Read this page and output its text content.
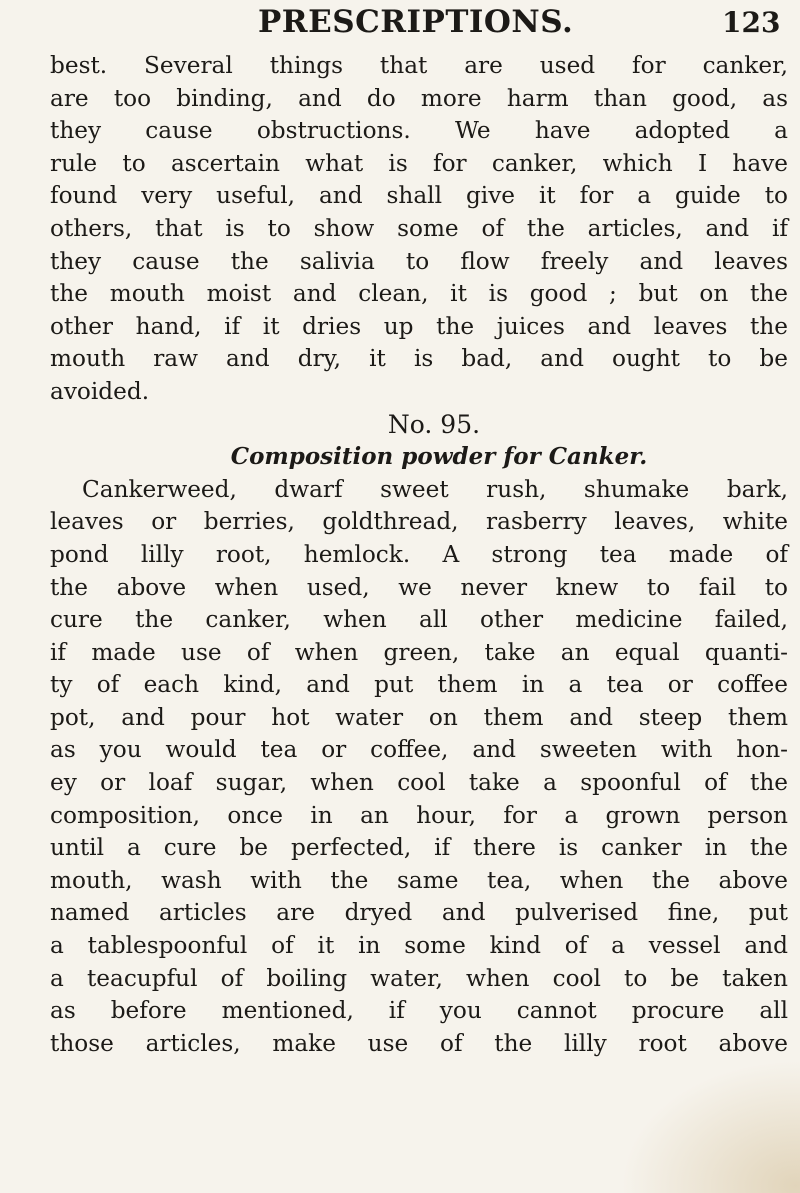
PRESCRIPTIONS.	123
best. Several things that are used for canker,
are too binding, and do more harm than good, as
they cause obstructions. We have adopted a
rule to ascertain what is for canker, which I have
found very useful, and shall give it for a guide to
others, that is to show some of the articles, and if
they cause the salivia to flow freely and leaves
the mouth moist and clean, it is good ; but on the
other hand, if it dries up the juices and leaves the
mouth raw and dry, it is bad, and ought to be
avoided.
No. 95.
Composition powder for Canker.
Cankerweed, dwarf sweet rush, shumake bark,
leaves or berries, goldthread, rasberry leaves, white
pond lilly root, hemlock. A strong tea made of
the above when used, we never knew to fail to
cure the canker, when all other medicine failed,
if made use of when green, take an equal quanti-
ty of each kind, and put them in a tea or coffee
pot, and pour hot water on them and steep them
as you would tea or coffee, and sweeten with hon-
ey or loaf sugar, when cool take a spoonful of the
composition, once in an hour, for a grown person
until a cure be perfected, if there is canker in the
mouth, wash with the same tea, when the above
named articles are dryed and pulverised fine, put
a tablespoonful of it in some kind of a vessel and
a teacupful of boiling water, when cool to be taken
as before mentioned, if you cannot procure all
those articles, make use of the lilly root above
